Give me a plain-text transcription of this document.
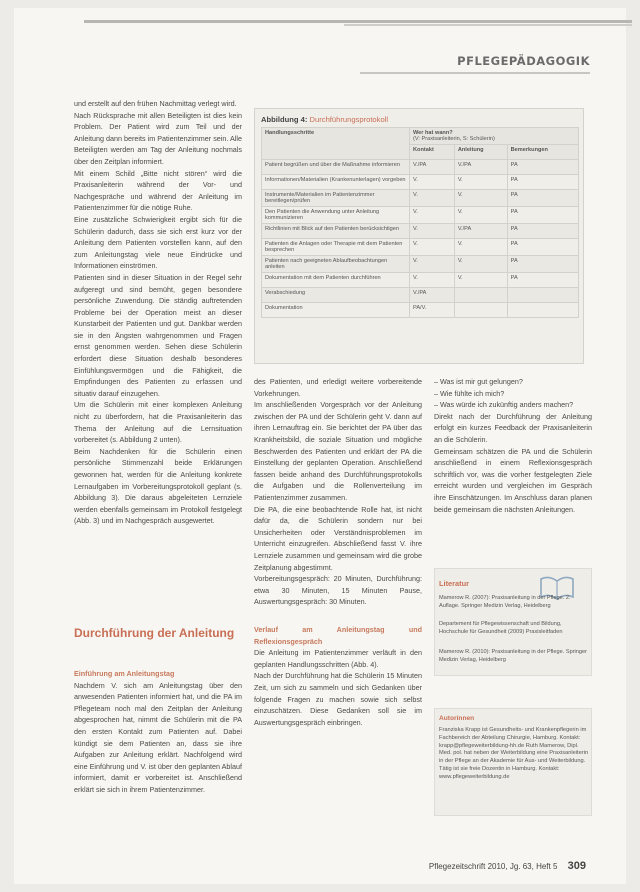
PFLEGEPÄDAGOGIK

und erstellt auf den frühen Nachmittag verlegt wird.

Nach Rücksprache mit allen Beteiligten ist dies kein Problem. Der Patient wird zum Teil und der Anleitung dann bereits im Patientenzimmer sein. Alle Beteiligten werden am Tag der Anleitung nochmals über den Zeitplan informiert.

Mit einem Schild „Bitte nicht stören“ wird die Praxisanleiterin während der Vor- und Nachgespräche und während der Anleitung im Patientenzimmer für die nötige Ruhe.

Eine zusätzliche Schwierigkeit ergibt sich für die Schülerin dadurch, dass sie sich erst kurz vor der Anleitung dem Patienten vorstellen kann, auf den zum Anleitungstag viele neue Eindrücke und Informationen einströmen.

Patienten sind in dieser Situation in der Regel sehr aufgeregt und sind bemüht, gegen besondere persönliche Zuwendung. Die ständig auftretenden Probleme bei der Operation meist an dieser Kunstarbeit der Patienten und gut. Dankbar werden sie in den Ängsten wahrgenommen und Fragen ernst genommen werden. Sehen diese Schülerin erfordert diese Situation deshalb besonderes Einfühlungsvermögen und die Fähigkeit, die Empfindungen des Patienten zu erfassen und situativ darauf einzugehen.

Um die Schülerin mit einer komplexen Anleitung nicht zu überfordern, hat die Praxisanleiterin das Thema der Anleitung auf die Lernsituation vorbereitet (s. Abbildung 2 unten).

Beim Nachdenken für die Schülerin einen persönliche Stimmenzahl beide Erklärungen gewonnen hat, werden für die Anleitung konkrete Lernaufgaben im Vorbereitungsprotokoll geplant (s. Abbildung 3). Die daraus abgeleiteten Lernziele werden ebenfalls gemeinsam im Protokoll festgelegt (Abb. 3) und im Nachgespräch ausgewertet.

Durchführung der Anleitung

Einführung am Anleitungstag

Nachdem V. sich am Anleitungstag über den anwesenden Patienten informiert hat, und die PA im Pflegeteam noch mal den Zeitplan der Anleitung abgesprochen hat, nimmt die Schülerin mit die PA den ersten Kontakt zum Patienten auf. Dabei kündigt sie dem Patienten an, dass sie ihre Aufgaben zur Anleitung erklärt. Nachfolgend wird eine Einführung und V. ist über den geplanten Ablauf informiert, damit er vorbereitet ist. Anschließend erklärt sie sich in ihrem Patientenzimmer.

Abbildung 4: Durchführungsprotokoll
Handlungsschritte	Wer hat wann?
(V: Praxisanleiterin, S: Schülerin)		
	Kontakt	Anleitung	Bemerkungen
Patient begrüßen und über die Maßnahme informieren	V./PA	V./PA	PA
Informationen/Materialien (Krankenunterlagen) vorgeben	V.	V.	PA
Instrumente/Materialien im Patientenzimmer bereitlegen/prüfen	V.	V.	PA
Den Patienten die Anwendung unter Anleitung kommunizieren	V.	V.	PA
Richtlinien mit Blick auf den Patienten berücksichtigen	V.	V./PA	PA
Patienten die Anlagen oder Therapie mit dem Patienten besprechen	V.	V.	PA
Patienten nach geeigneten Ablaufbeobachtungen anleiten	V.	V.	PA
Dokumentation mit dem Patienten durchführen	V.	V.	PA
Verabschiedung	V./PA		
Dokumentation	PA/V.		

des Patienten, und erledigt weitere vorbereitende Vorkehrungen.

Im anschließenden Vorgespräch vor der Anleitung zwischen der PA und der Schülerin geht V. dann auf ihren Lernauftrag ein. Sie berichtet der PA über das Krankheitsbild, die soziale Situation und mögliche Beschwerden des Patienten und erklärt der PA die Einstellung der geplanten Operation. Anschließend fassen beide anhand des Durchführungsprotokolls die Aufgaben und die Rollenverteilung im Patientenzimmer zusammen.

Die PA, die eine beobachtende Rolle hat, ist nicht dafür da, die Schülerin sondern nur bei Unsicherheiten oder Verständnisproblemen im Unterricht einzugreifen. Abschließend fasst V. ihre Lernziele zusammen und gemeinsam wird die grobe Zeitplanung abgestimmt.

Vorbereitungsgespräch: 20 Minuten, Durchführung: etwa 30 Minuten, 15 Minuten Pause, Auswertungsgespräch: 30 Minuten.

Verlauf am Anleitungstag und Reflexionsgespräch

Die Anleitung im Patientenzimmer verläuft in den geplanten Handlungsschritten (Abb. 4).

Nach der Durchführung hat die Schülerin 15 Minuten Zeit, um sich zu sammeln und sich Gedanken über folgende Fragen zu machen sowie sich selbst einzuschätzen. Diese Gedanken soll sie im Auswertungsgespräch einbringen.

– Was ist mir gut gelungen?

– Wie fühlte ich mich?

– Was würde ich zukünftig anders machen?

Direkt nach der Durchführung der Anleitung erfolgt ein kurzes Feedback der Praxisanleiterin an die Schülerin.

Gemeinsam schätzen die PA und die Schülerin anschließend in einem Reflexionsgespräch schriftlich vor, was die vorher festgelegten Ziele erreicht wurden und vergleichen im Gespräch ihre Einschätzungen. Im Anschluss daran planen beide gemeinsam die nächsten Anleitungen.

Literatur
Mamerow R. (2007): Praxisanleitung in der Pflege. 2. Auflage. Springer Medizin Verlag, Heidelberg
Departement für Pflegewissenschaft und Bildung, Hochschule für Gesundheit (2009) Praxisleitfaden
Mamerow R. (2010): Praxisanleitung in der Pflege. Springer Medizin Verlag, Heidelberg
Autorinnen
Franziska Krapp ist Gesundheits- und Krankenpflegerin im Fachbereich der Abteilung Chirurgie, Hamburg. Kontakt: krapp@pflegeweiterbildung-hh.de Ruth Mamerow, Dipl. Med. pol. hat neben der Weiterbildung eine Praxisanleiterin in der Pflege an der Akademie für Aus- und Weiterbildung. Tätig ist sie freie Dozentin in Hamburg. Kontakt: www.pflegeweiterbildung.de
Pflegezeitschrift 2010, Jg. 63, Heft 5 309
